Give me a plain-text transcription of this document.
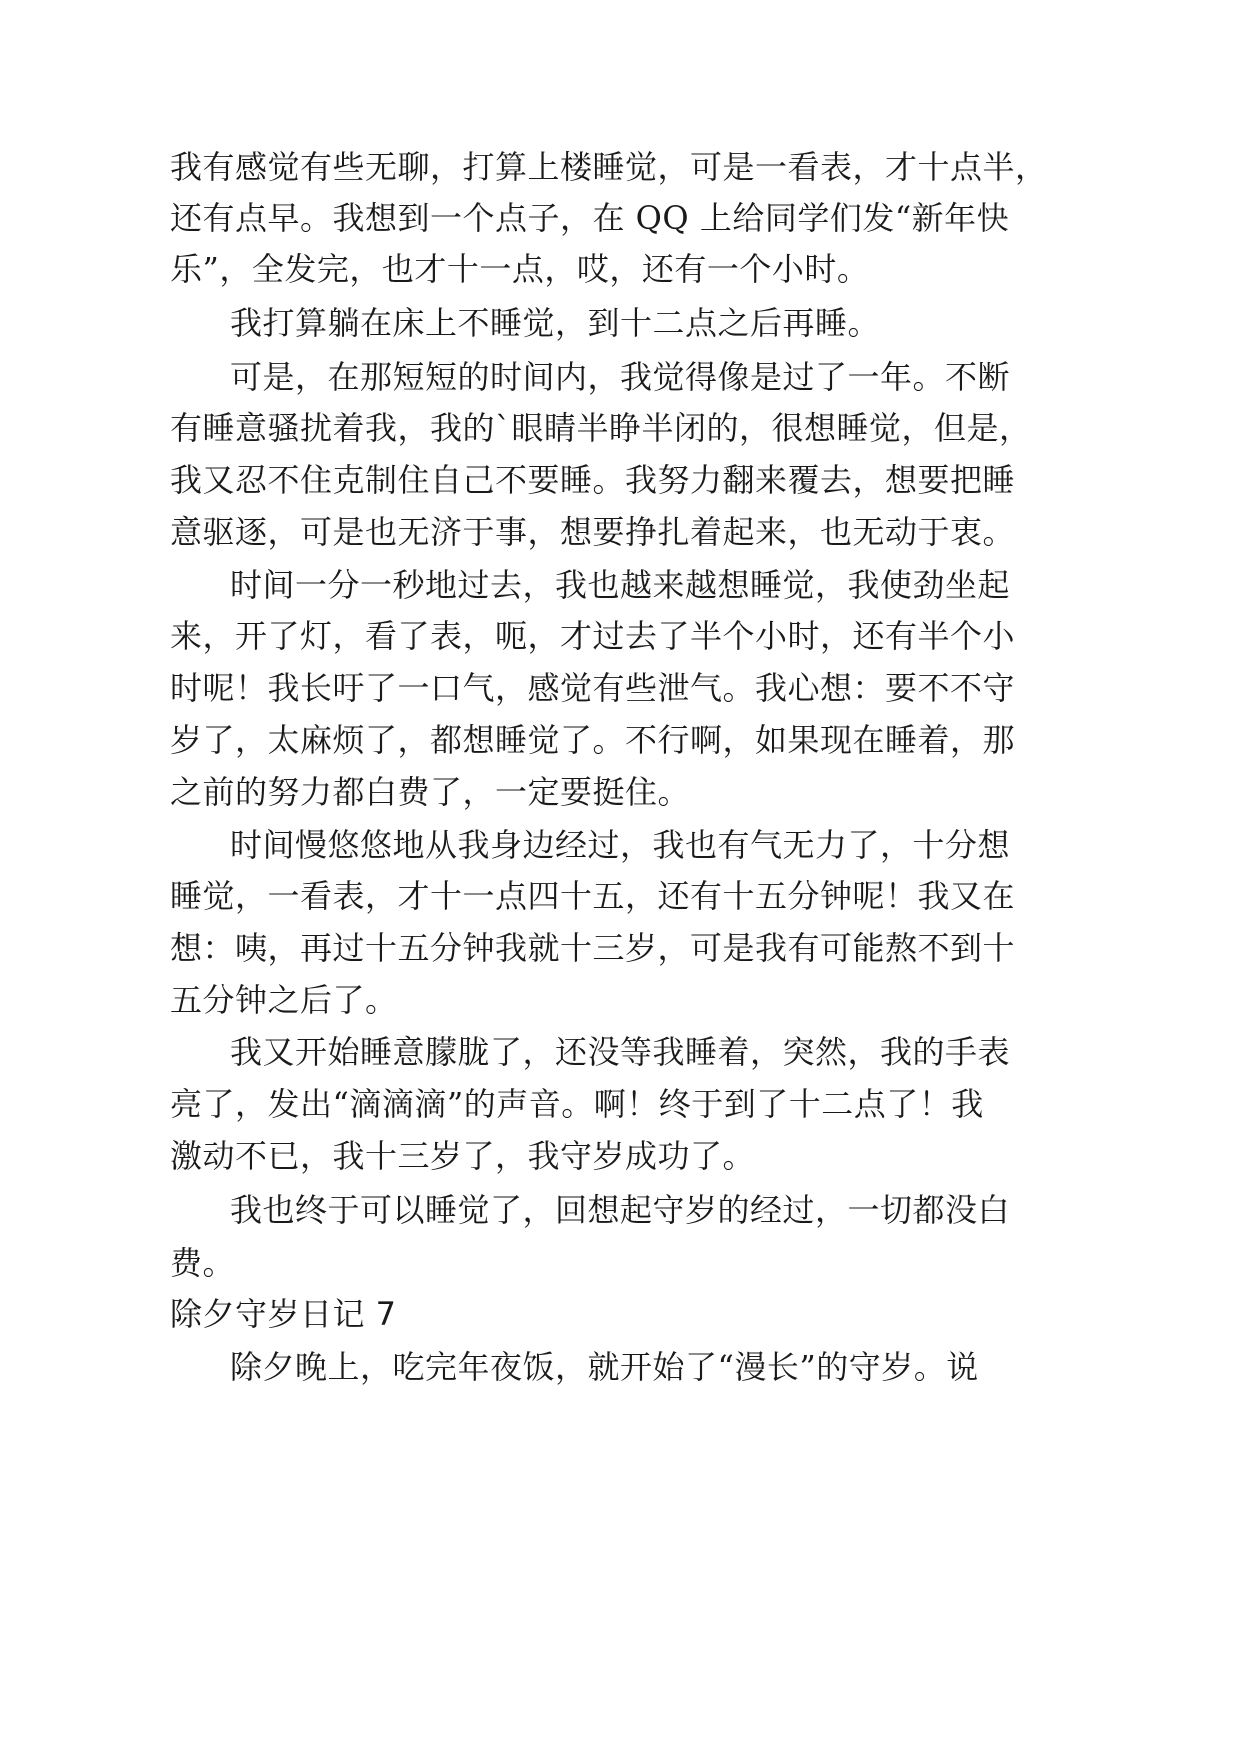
我有感觉有些无聊，打算上楼睡觉，可是一看表，才十点半，
还有点早。我想到一个点子，在 QQ 上给同学们发“新年快
乐”，全发完，也才十一点，哎，还有一个小时。
我打算躺在床上不睡觉，到十二点之后再睡。
可是，在那短短的时间内，我觉得像是过了一年。不断
有睡意骚扰着我，我的`眼睛半睁半闭的，很想睡觉，但是，
我又忍不住克制住自己不要睡。我努力翻来覆去，想要把睡
意驱逐，可是也无济于事，想要挣扎着起来，也无动于衷。
时间一分一秒地过去，我也越来越想睡觉，我使劲坐起
来，开了灯，看了表，呃，才过去了半个小时，还有半个小
时呢！我长吁了一口气，感觉有些泄气。我心想：要不不守
岁了，太麻烦了，都想睡觉了。不行啊，如果现在睡着，那
之前的努力都白费了，一定要挺住。
时间慢悠悠地从我身边经过，我也有气无力了，十分想
睡觉，一看表，才十一点四十五，还有十五分钟呢！我又在
想：咦，再过十五分钟我就十三岁，可是我有可能熬不到十
五分钟之后了。
我又开始睡意朦胧了，还没等我睡着，突然，我的手表
亮了，发出“滴滴滴”的声音。啊！终于到了十二点了！我
激动不已，我十三岁了，我守岁成功了。
我也终于可以睡觉了，回想起守岁的经过，一切都没白
费。
除夕守岁日记 7
除夕晚上，吃完年夜饭，就开始了“漫长”的守岁。说
